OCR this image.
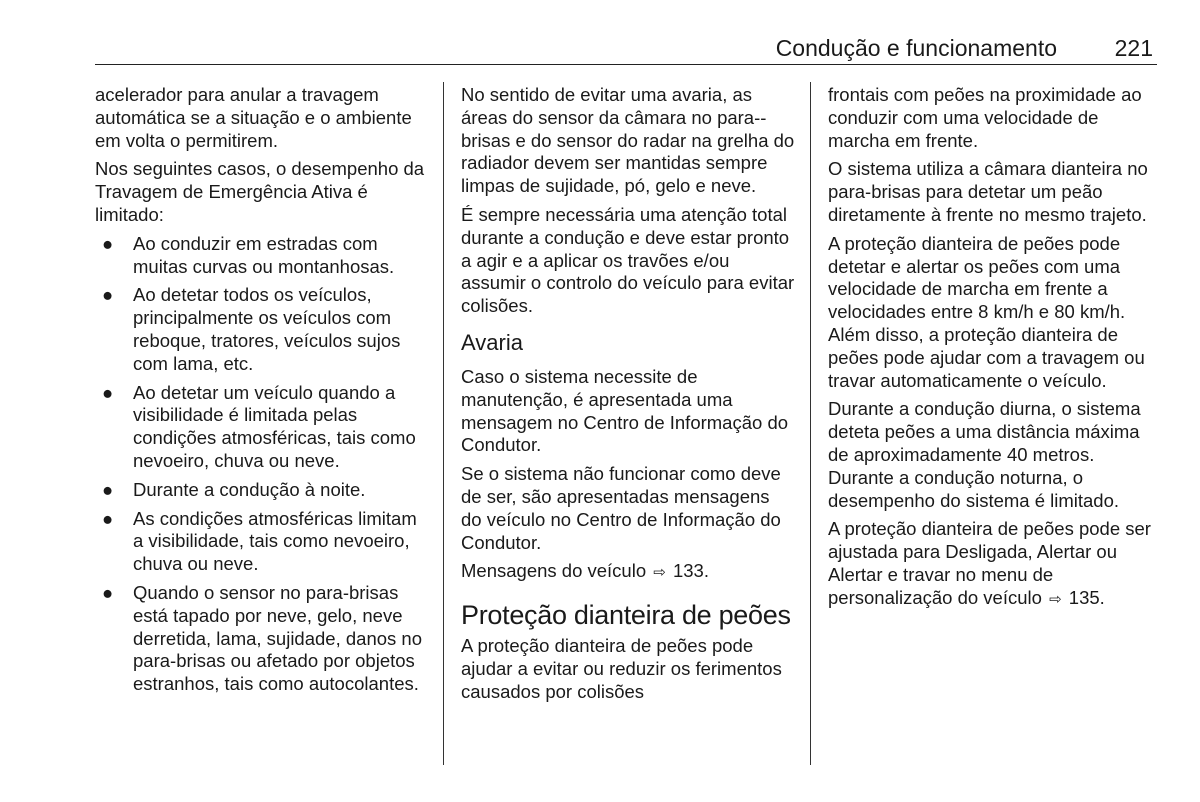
Condução e funcionamento	221

acelerador para anular a travagem automática se a situação e o ambiente em volta o permitirem.

Nos seguintes casos, o desempenho da Travagem de Emergência Ativa é limitado:

● Ao conduzir em estradas com muitas curvas ou montanhosas.
● Ao detetar todos os veículos, principalmente os veículos com reboque, tratores, veículos sujos com lama, etc.
● Ao detetar um veículo quando a visibilidade é limitada pelas condições atmosféricas, tais como nevoeiro, chuva ou neve.
● Durante a condução à noite.
● As condições atmosféricas limitam a visibilidade, tais como nevoeiro, chuva ou neve.
● Quando o sensor no para-brisas está tapado por neve, gelo, neve derretida, lama, sujidade, danos no para-brisas ou afetado por objetos estranhos, tais como autocolantes.

No sentido de evitar uma avaria, as áreas do sensor da câmara no para--brisas e do sensor do radar na grelha do radiador devem ser mantidas sempre limpas de sujidade, pó, gelo e neve.

É sempre necessária uma atenção total durante a condução e deve estar pronto a agir e a aplicar os travões e/ou assumir o controlo do veículo para evitar colisões.

Avaria

Caso o sistema necessite de manutenção, é apresentada uma mensagem no Centro de Informação do Condutor.

Se o sistema não funcionar como deve de ser, são apresentadas mensagens do veículo no Centro de Informação do Condutor.

Mensagens do veículo ⇨ 133.

Proteção dianteira de peões

A proteção dianteira de peões pode ajudar a evitar ou reduzir os ferimentos causados por colisões

frontais com peões na proximidade ao conduzir com uma velocidade de marcha em frente.

O sistema utiliza a câmara dianteira no para-brisas para detetar um peão diretamente à frente no mesmo trajeto.

A proteção dianteira de peões pode detetar e alertar os peões com uma velocidade de marcha em frente a velocidades entre 8 km/h e 80 km/h. Além disso, a proteção dianteira de peões pode ajudar com a travagem ou travar automaticamente o veículo.

Durante a condução diurna, o sistema deteta peões a uma distância máxima de aproximadamente 40 metros. Durante a condução noturna, o desempenho do sistema é limitado.

A proteção dianteira de peões pode ser ajustada para Desligada, Alertar ou Alertar e travar no menu de personalização do veículo ⇨ 135.
